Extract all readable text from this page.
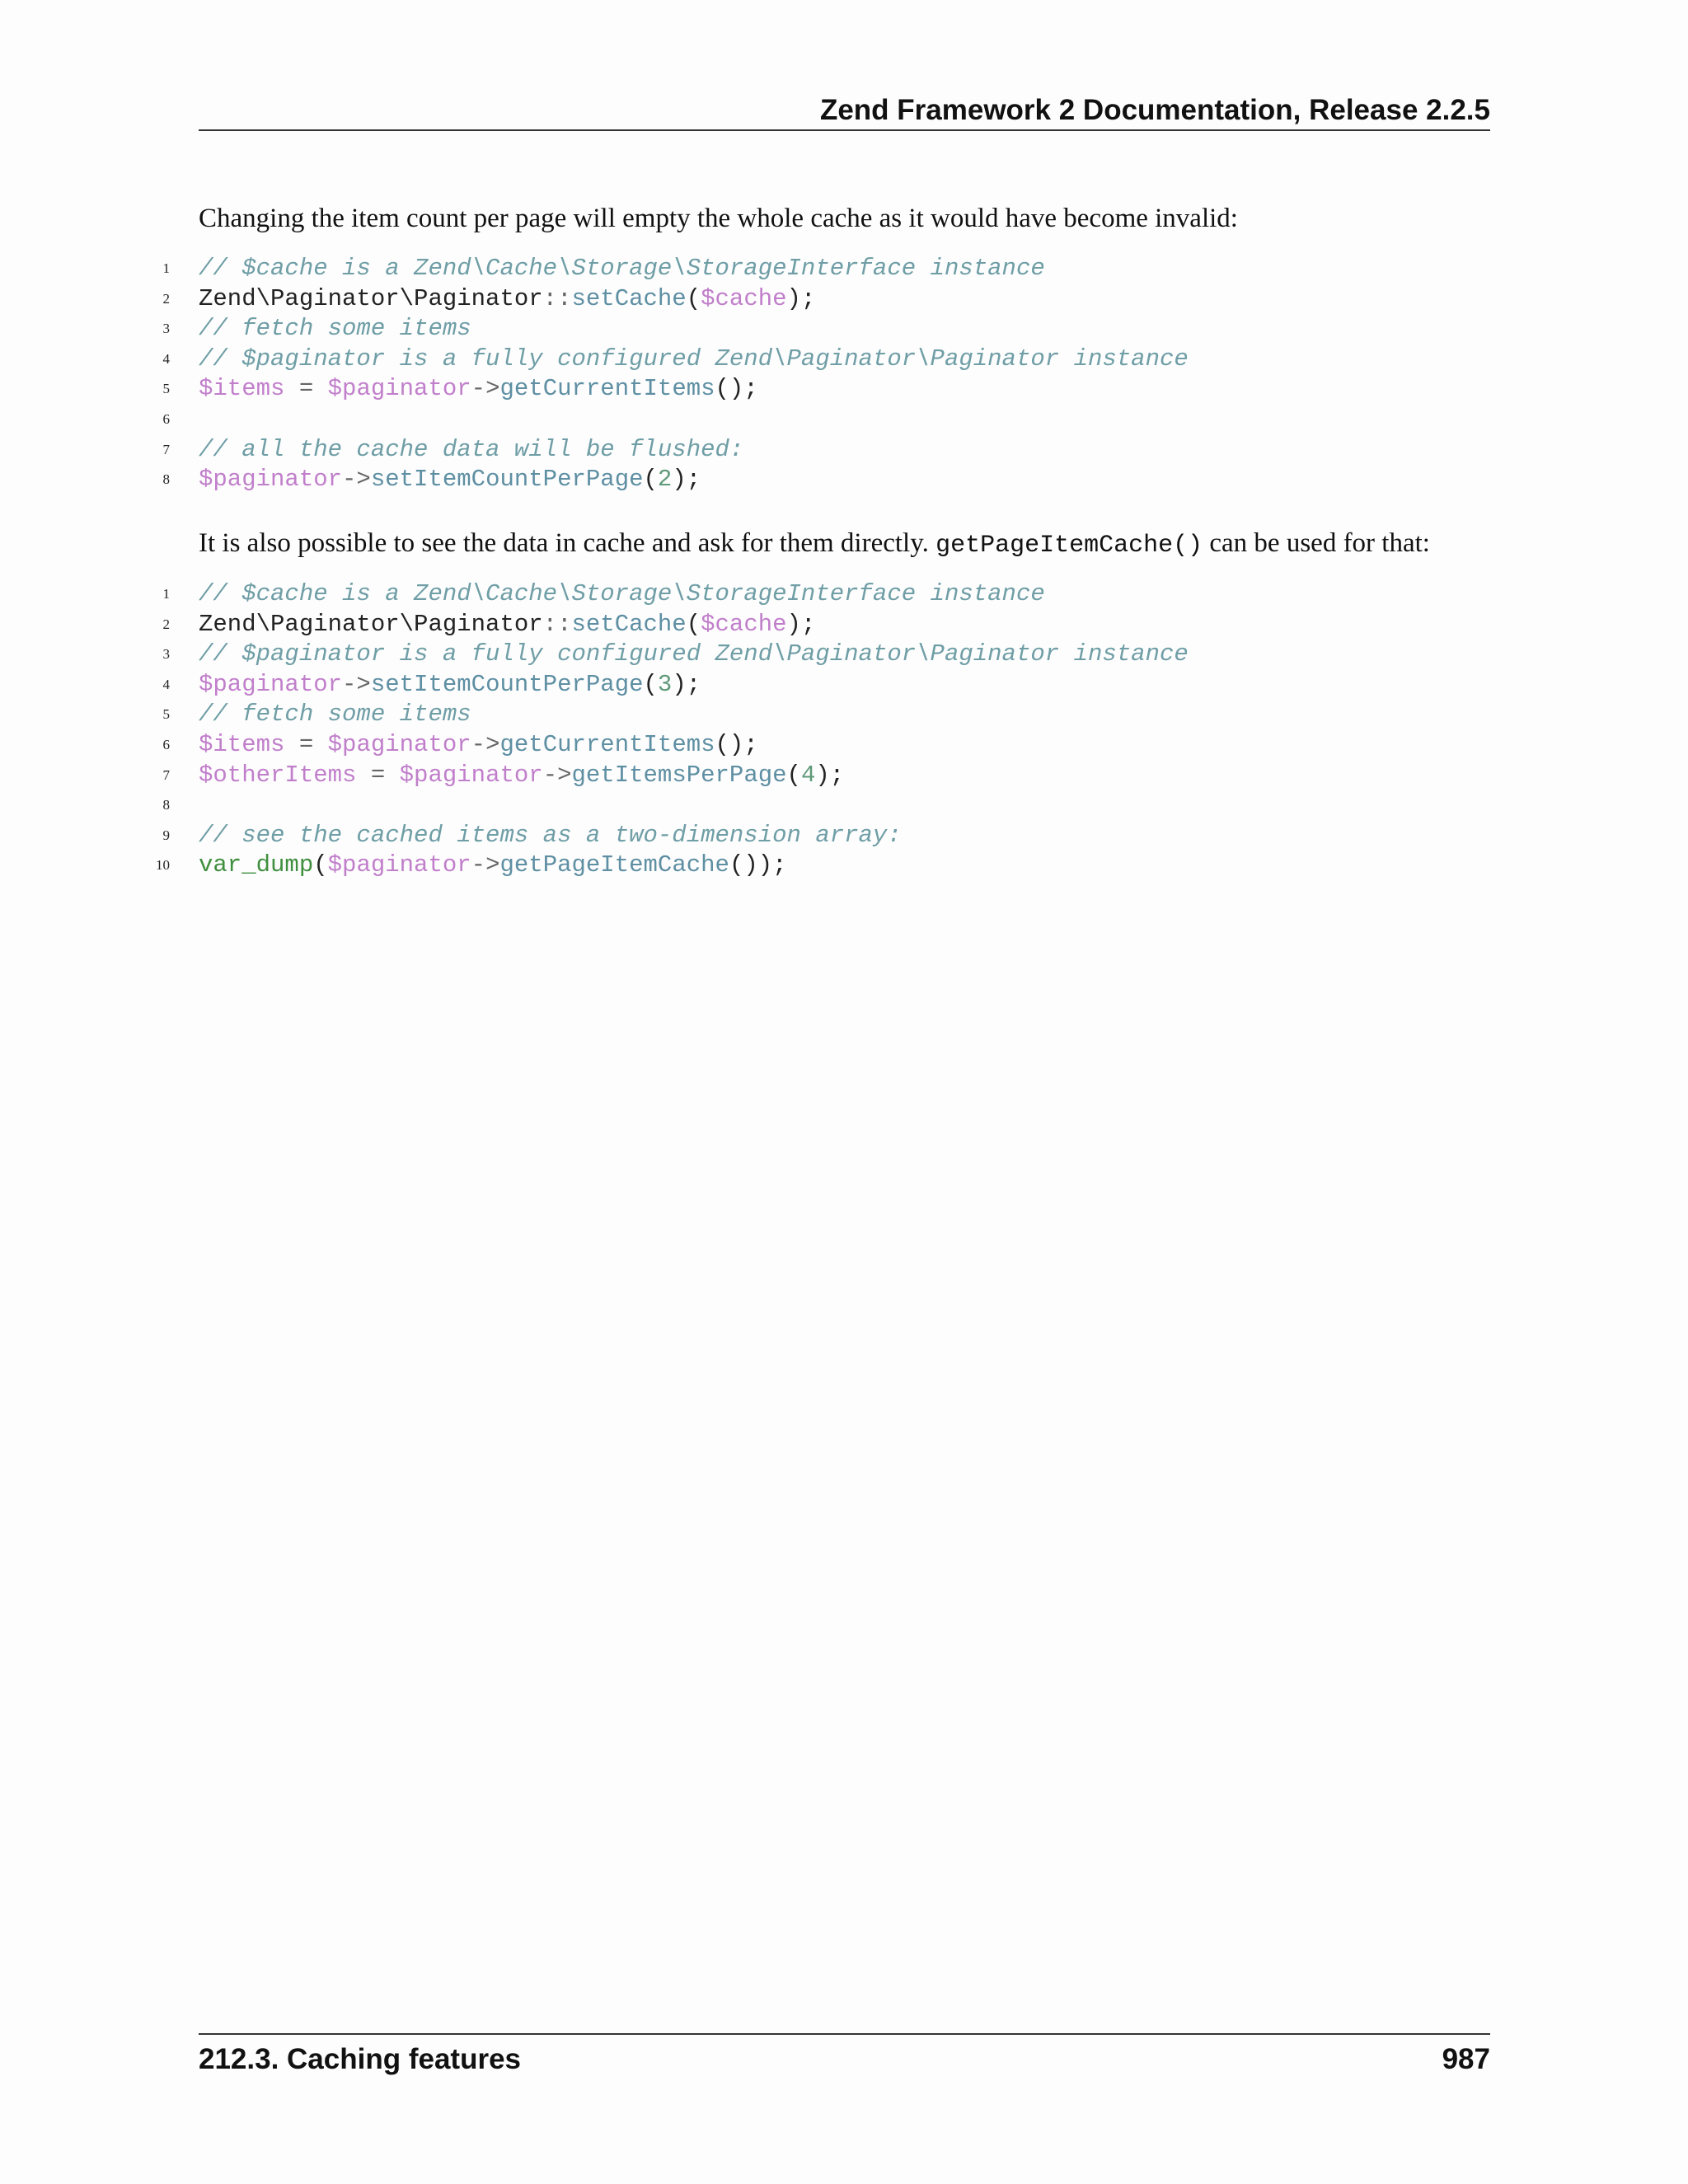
Zend Framework 2 Documentation, Release 2.2.5
Changing the item count per page will empty the whole cache as it would have become invalid:
1 // $cache is a Zend\Cache\Storage\StorageInterface instance
2 Zend\Paginator\Paginator::setCache($cache);
3 // fetch some items
4 // $paginator is a fully configured Zend\Paginator\Paginator instance
5 $items = $paginator->getCurrentItems();
6
7 // all the cache data will be flushed:
8 $paginator->setItemCountPerPage(2);
It is also possible to see the data in cache and ask for them directly. getPageItemCache() can be used for that:
1 // $cache is a Zend\Cache\Storage\StorageInterface instance
2 Zend\Paginator\Paginator::setCache($cache);
3 // $paginator is a fully configured Zend\Paginator\Paginator instance
4 $paginator->setItemCountPerPage(3);
5 // fetch some items
6 $items = $paginator->getCurrentItems();
7 $otherItems = $paginator->getItemsPerPage(4);
8
9 // see the cached items as a two-dimension array:
10 var_dump($paginator->getPageItemCache());
212.3. Caching features	987
